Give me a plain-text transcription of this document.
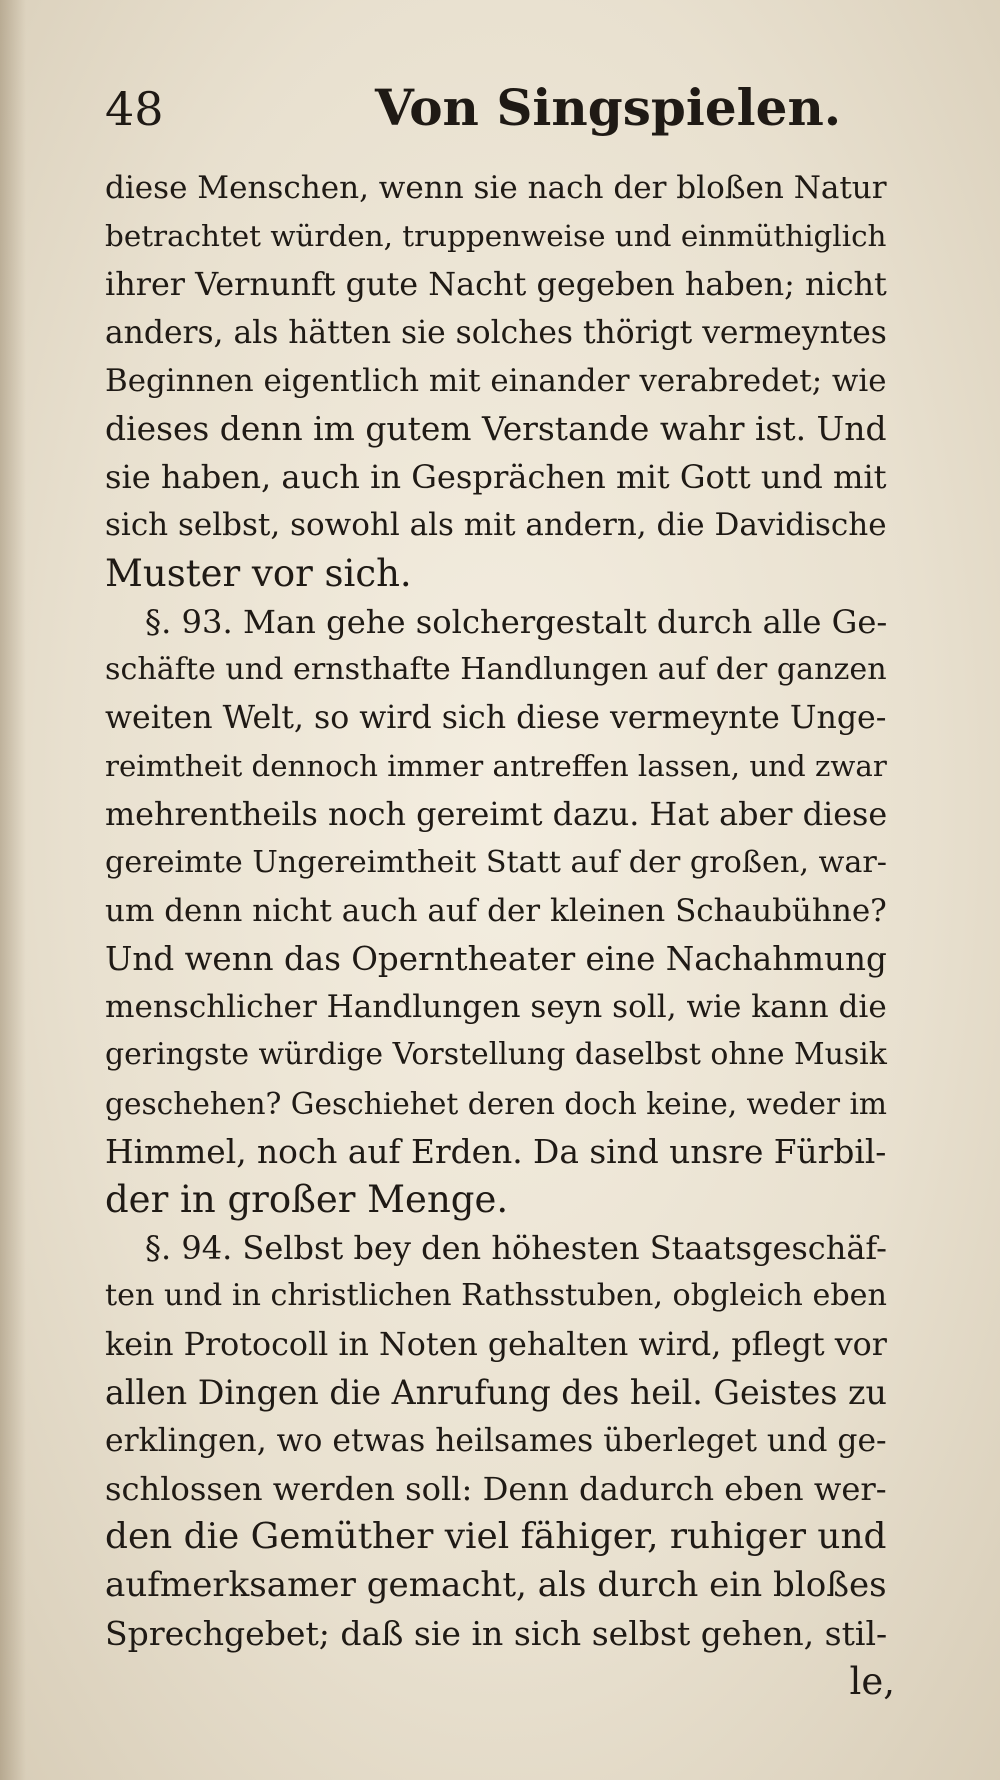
48	Von Singspielen.
diese Menschen, wenn sie nach der bloßen Natur
betrachtet würden, truppenweise und einmüthiglich
ihrer Vernunft gute Nacht gegeben haben; nicht
anders, als hätten sie solches thörigt vermeyntes
Beginnen eigentlich mit einander verabredet; wie
dieses denn im gutem Verstande wahr ist. Und
sie haben, auch in Gesprächen mit Gott und mit
sich selbst, sowohl als mit andern, die Davidische
Muster vor sich.
§. 93. Man gehe solchergestalt durch alle Ge-
schäfte und ernsthafte Handlungen auf der ganzen
weiten Welt, so wird sich diese vermeynte Unge-
reimtheit dennoch immer antreffen lassen, und zwar
mehrentheils noch gereimt dazu. Hat aber diese
gereimte Ungereimtheit Statt auf der großen, war-
um denn nicht auch auf der kleinen Schaubühne?
Und wenn das Operntheater eine Nachahmung
menschlicher Handlungen seyn soll, wie kann die
geringste würdige Vorstellung daselbst ohne Musik
geschehen? Geschiehet deren doch keine, weder im
Himmel, noch auf Erden. Da sind unsre Fürbil-
der in großer Menge.
§. 94. Selbst bey den höhesten Staatsgeschäf-
ten und in christlichen Rathsstuben, obgleich eben
kein Protocoll in Noten gehalten wird, pflegt vor
allen Dingen die Anrufung des heil. Geistes zu
erklingen, wo etwas heilsames überleget und ge-
schlossen werden soll: Denn dadurch eben wer-
den die Gemüther viel fähiger, ruhiger und
aufmerksamer gemacht, als durch ein bloßes
Sprechgebet; daß sie in sich selbst gehen, stil-
le,
